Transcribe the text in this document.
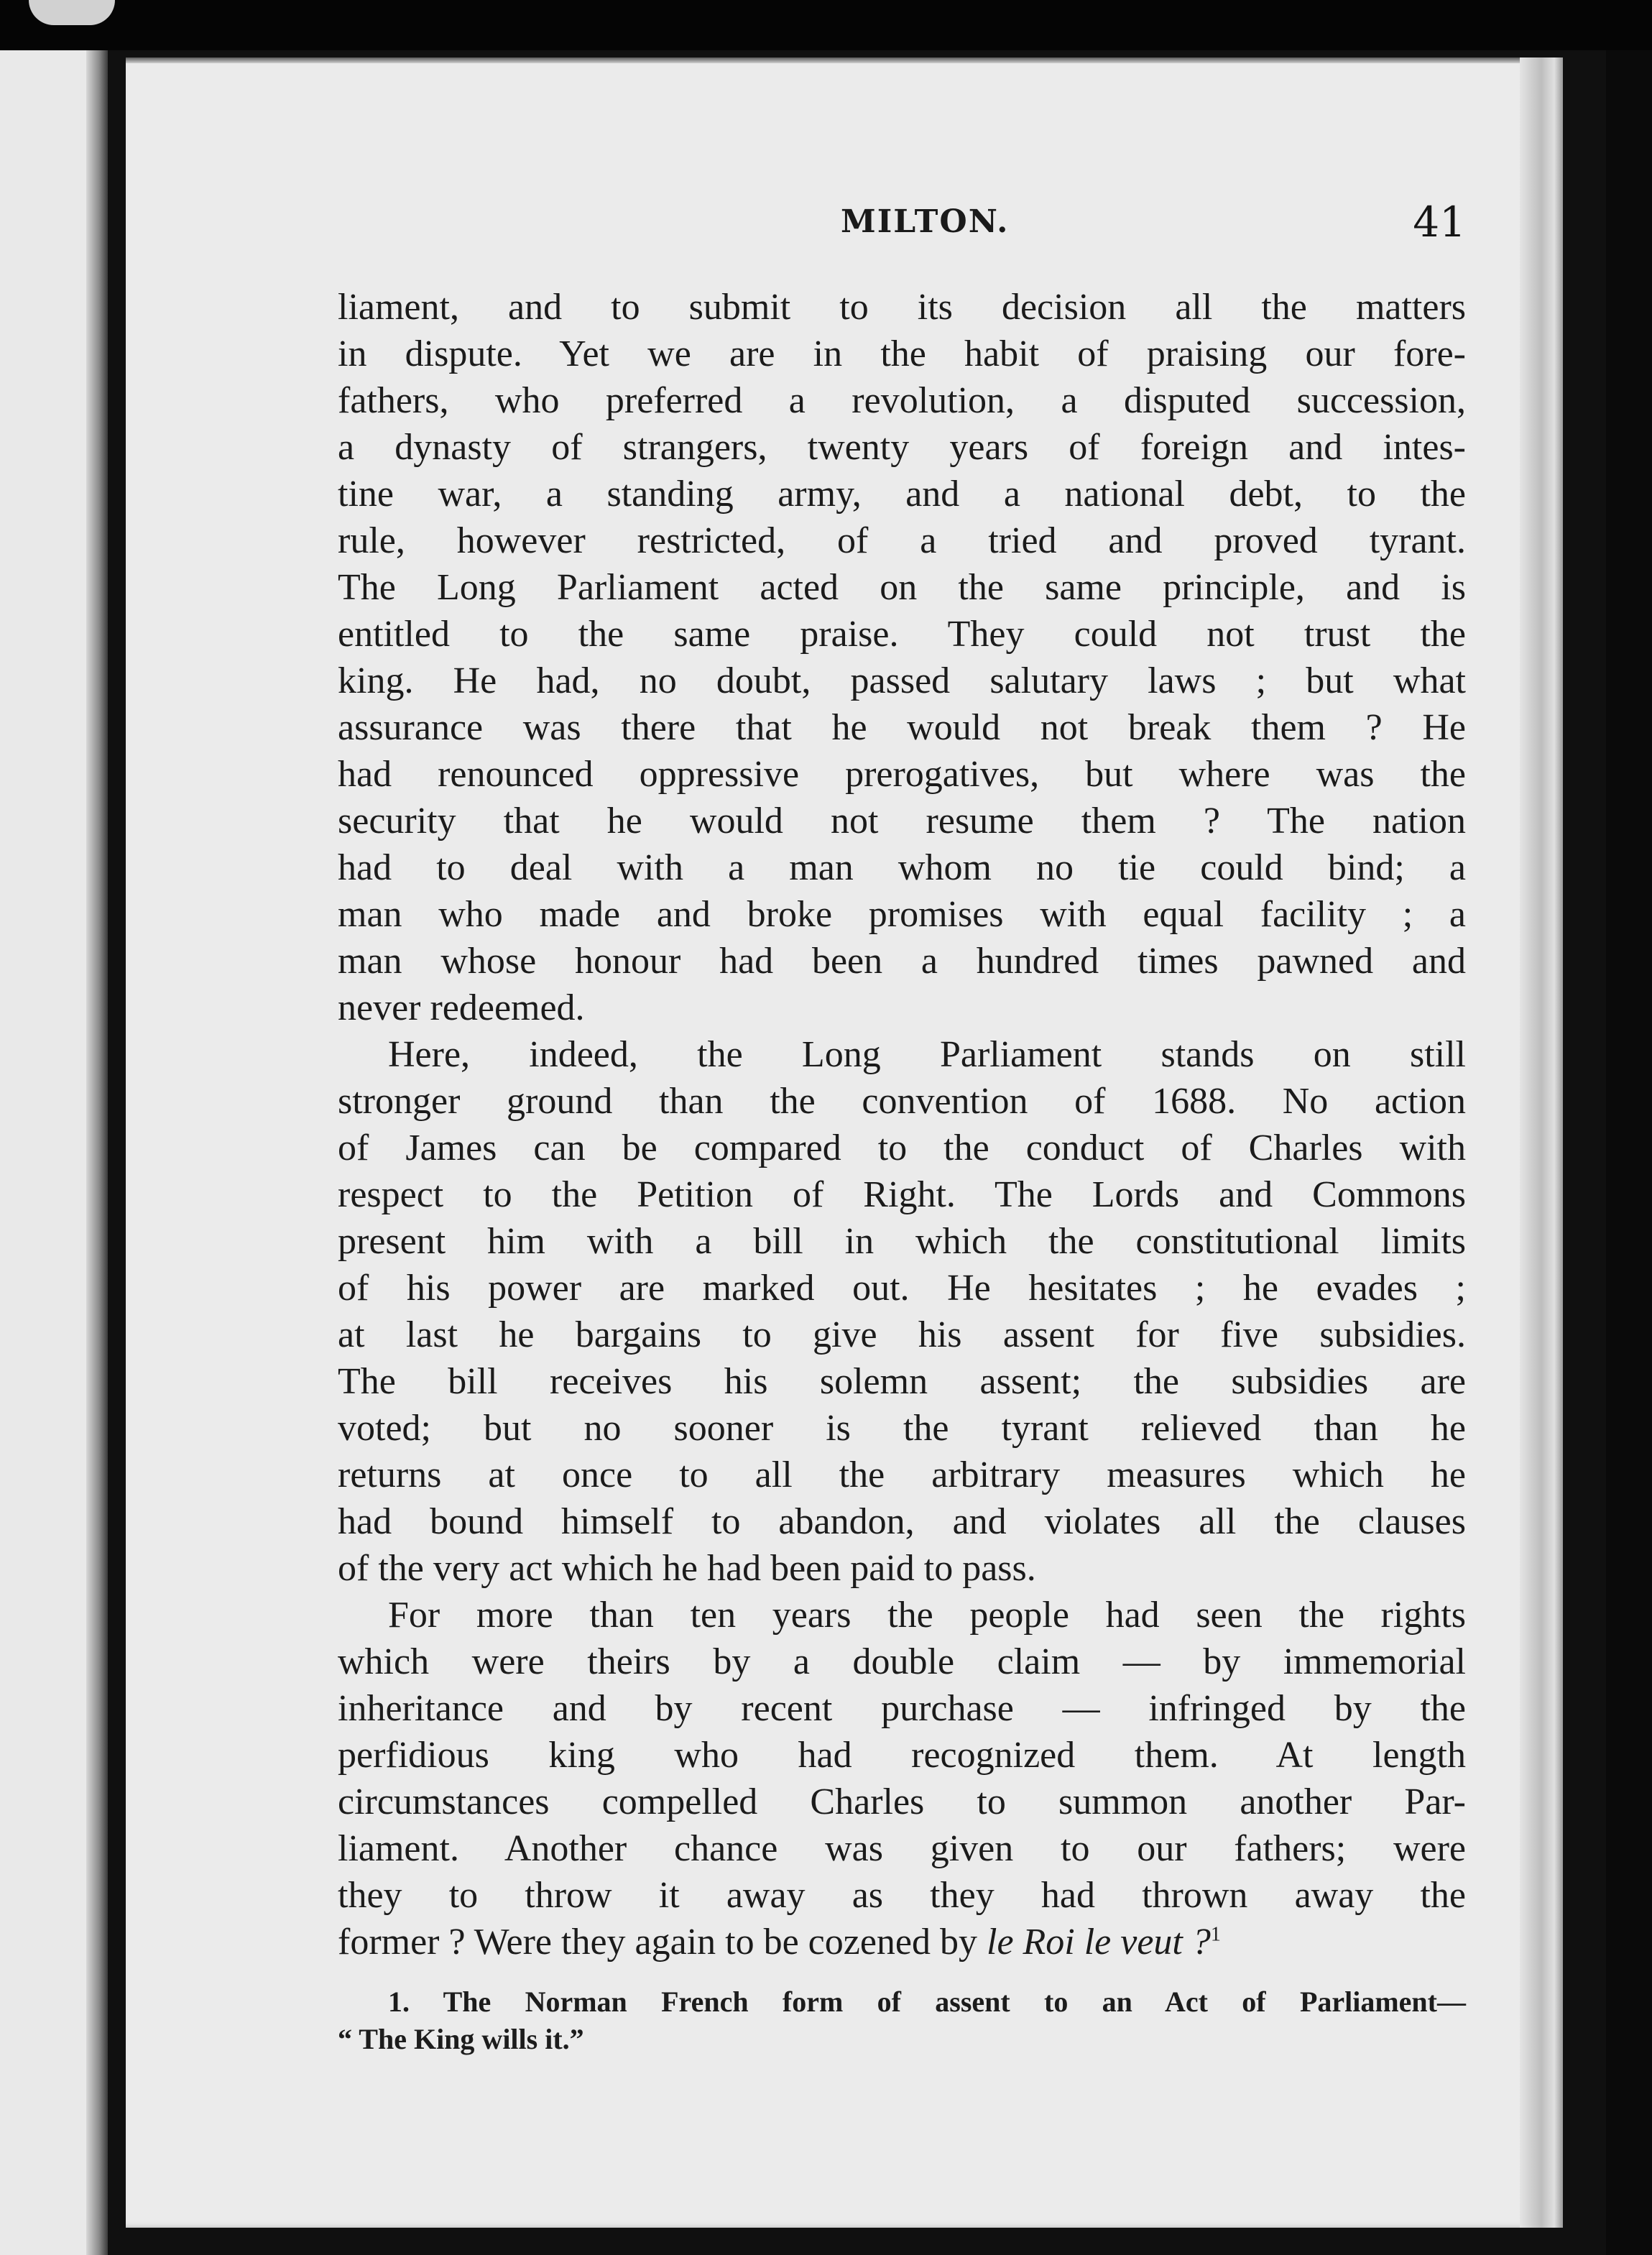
MILTON.	41
liament, and to submit to its decision all the matters
in dispute. Yet we are in the habit of praising our fore-
fathers, who preferred a revolution, a disputed succession,
a dynasty of strangers, twenty years of foreign and intes-
tine war, a standing army, and a national debt, to the
rule, however restricted, of a tried and proved tyrant.
The Long Parliament acted on the same principle, and is
entitled to the same praise. They could not trust the
king. He had, no doubt, passed salutary laws ; but what
assurance was there that he would not break them ? He
had renounced oppressive prerogatives, but where was the
security that he would not resume them ? The nation
had to deal with a man whom no tie could bind; a
man who made and broke promises with equal facility ; a
man whose honour had been a hundred times pawned and
never redeemed.
Here, indeed, the Long Parliament stands on still
stronger ground than the convention of 1688. No action
of James can be compared to the conduct of Charles with
respect to the Petition of Right. The Lords and Commons
present him with a bill in which the constitutional limits
of his power are marked out. He hesitates ; he evades ;
at last he bargains to give his assent for five subsidies.
The bill receives his solemn assent; the subsidies are
voted; but no sooner is the tyrant relieved than he
returns at once to all the arbitrary measures which he
had bound himself to abandon, and violates all the clauses
of the very act which he had been paid to pass.
For more than ten years the people had seen the rights
which were theirs by a double claim — by immemorial
inheritance and by recent purchase — infringed by the
perfidious king who had recognized them. At length
circumstances compelled Charles to summon another Par-
liament. Another chance was given to our fathers; were
they to throw it away as they had thrown away the
former ? Were they again to be cozened by le Roi le veut ?$^1$
1. The Norman French form of assent to an Act of Parliament—
“ The King wills it.”
